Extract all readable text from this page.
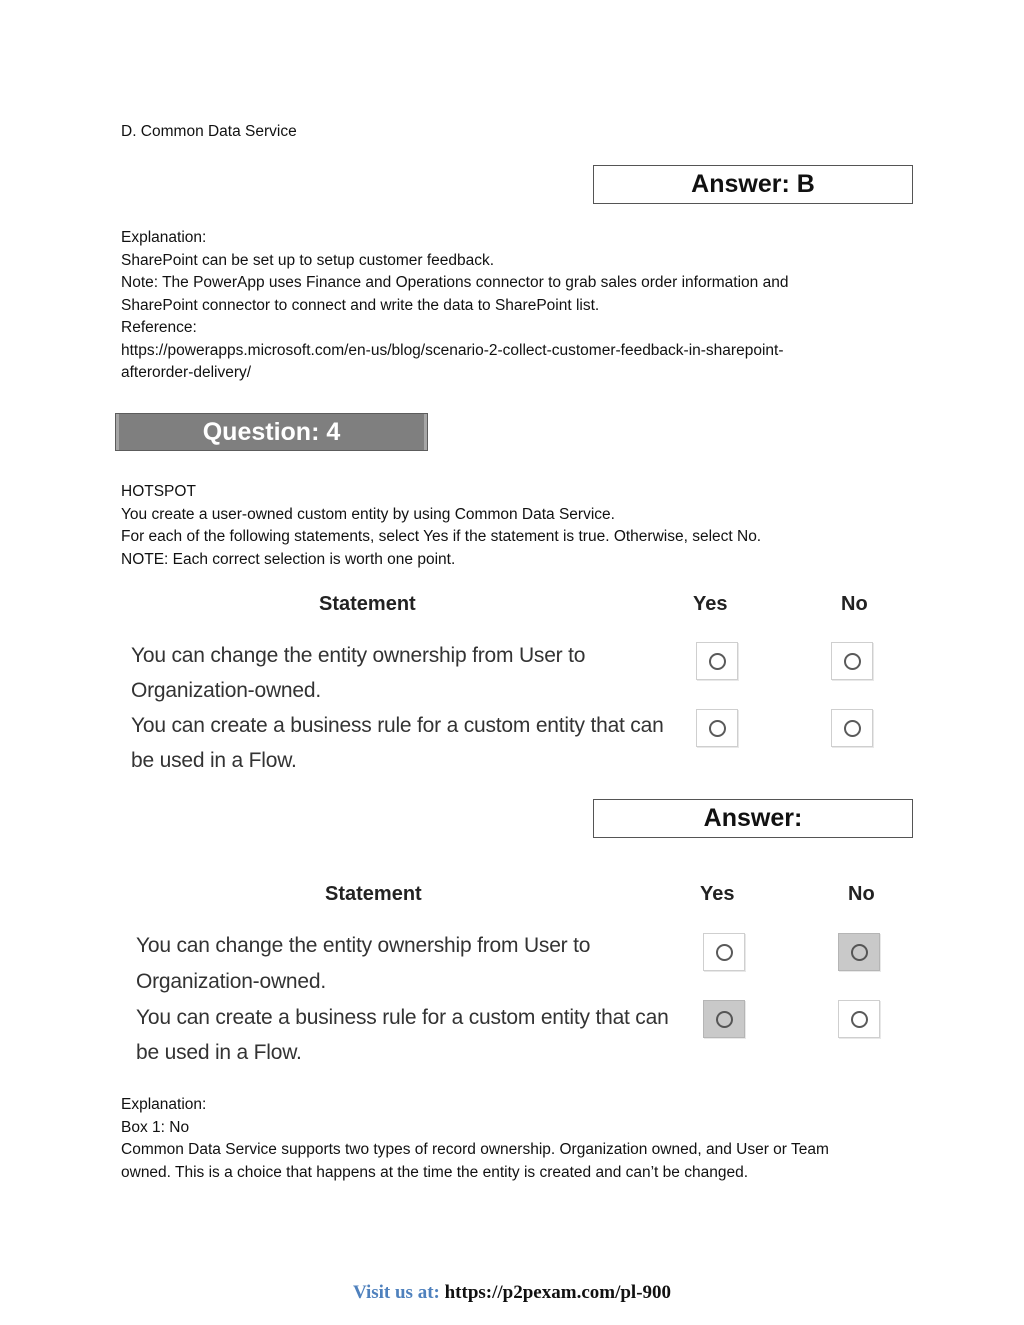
D. Common Data Service
Answer: B

Explanation:

SharePoint can be set up to setup customer feedback.

Note: The PowerApp uses Finance and Operations connector to grab sales order information and

SharePoint connector to connect and write the data to SharePoint list.

Reference:

https://powerapps.microsoft.com/en-us/blog/scenario-2-collect-customer-feedback-in-sharepoint-

afterorder-delivery/

Question: 4

HOTSPOT

You create a user-owned custom entity by using Common Data Service.

For each of the following statements, select Yes if the statement is true. Otherwise, select No.

NOTE: Each correct selection is worth one point.

Statement	Yes	No
You can change the entity ownership from User to
Organization-owned.
You can create a business rule for a custom entity that can
be used in a Flow.
Answer:
Statement	Yes	No
You can change the entity ownership from User to
Organization-owned.
You can create a business rule for a custom entity that can
be used in a Flow.

Explanation:

Box 1: No

Common Data Service supports two types of record ownership. Organization owned, and User or Team

owned. This is a choice that happens at the time the entity is created and can’t be changed.

Visit us at: https://p2pexam.com/pl-900
